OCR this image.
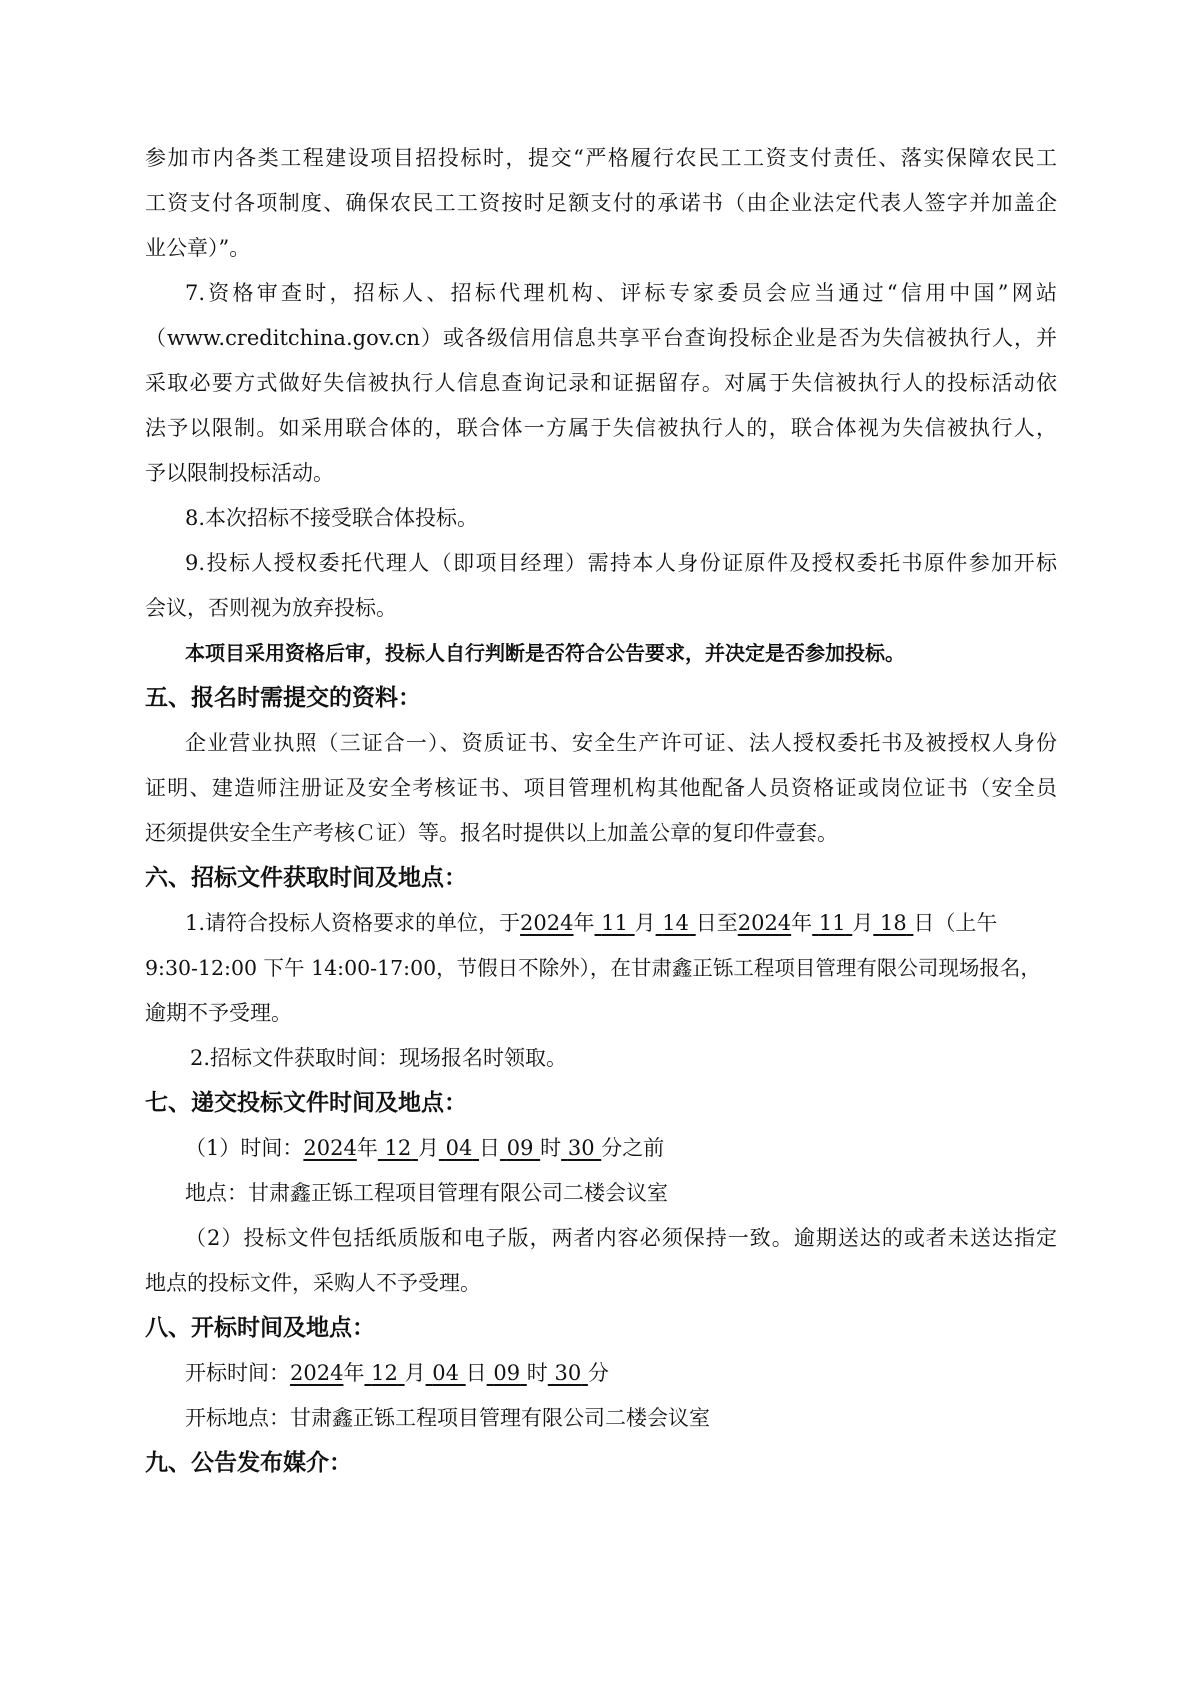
参加市内各类工程建设项目招投标时，提交“严格履行农民工工资支付责任、落实保障农民工
工资支付各项制度、确保农民工工资按时足额支付的承诺书（由企业法定代表人签字并加盖企
业公章）”。
7.资格审查时，招标人、招标代理机构、评标专家委员会应当通过“信用中国”网站
（www.creditchina.gov.cn）或各级信用信息共享平台查询投标企业是否为失信被执行人，并
采取必要方式做好失信被执行人信息查询记录和证据留存。对属于失信被执行人的投标活动依
法予以限制。如采用联合体的，联合体一方属于失信被执行人的，联合体视为失信被执行人，
予以限制投标活动。
8.本次招标不接受联合体投标。
9.投标人授权委托代理人（即项目经理）需持本人身份证原件及授权委托书原件参加开标
会议，否则视为放弃投标。
本项目采用资格后审，投标人自行判断是否符合公告要求，并决定是否参加投标。
五、报名时需提交的资料：
企业营业执照（三证合一）、资质证书、安全生产许可证、法人授权委托书及被授权人身份
证明、建造师注册证及安全考核证书、项目管理机构其他配备人员资格证或岗位证书（安全员
还须提供安全生产考核Ｃ证）等。报名时提供以上加盖公章的复印件壹套。
六、招标文件获取时间及地点：
1.请符合投标人资格要求的单位，于2024年 11 月 14 日至2024年 11 月 18 日（上午
9:30-12:00 下午 14:00-17:00，节假日不除外），在甘肃鑫正铄工程项目管理有限公司现场报名，
逾期不予受理。
2.招标文件获取时间：现场报名时领取。
七、递交投标文件时间及地点：
（1）时间：2024年 12 月 04 日 09 时 30 分之前
地点：甘肃鑫正铄工程项目管理有限公司二楼会议室
（2）投标文件包括纸质版和电子版，两者内容必须保持一致。逾期送达的或者未送达指定
地点的投标文件，采购人不予受理。
八、开标时间及地点：
开标时间：2024年 12 月 04 日 09 时 30 分
开标地点：甘肃鑫正铄工程项目管理有限公司二楼会议室
九、公告发布媒介：
